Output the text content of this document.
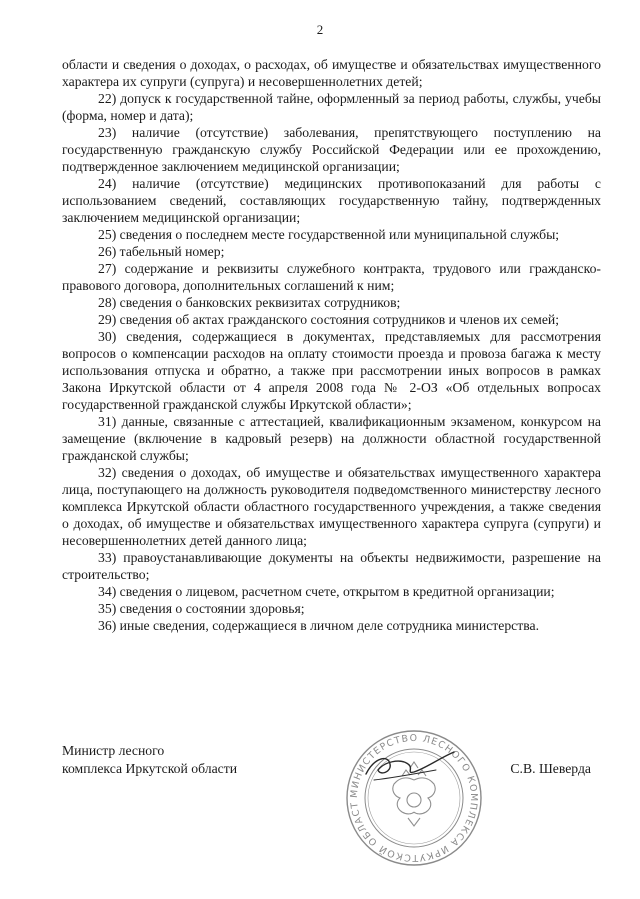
2

области и сведения о доходах, о расходах, об имуществе и обязательствах имущественного характера их супруги (супруга) и несовершеннолетних детей;

22) допуск к государственной тайне, оформленный за период работы, службы, учебы (форма, номер и дата);

23) наличие (отсутствие) заболевания, препятствующего поступлению на государственную гражданскую службу Российской Федерации или ее прохождению, подтвержденное заключением медицинской организации;

24) наличие (отсутствие) медицинских противопоказаний для работы с использованием сведений, составляющих государственную тайну, подтвержденных заключением медицинской организации;

25) сведения о последнем месте государственной или муниципальной службы;

26) табельный номер;

27) содержание и реквизиты служебного контракта, трудового или гражданско-правового договора, дополнительных соглашений к ним;

28) сведения о банковских реквизитах сотрудников;

29) сведения об актах гражданского состояния сотрудников и членов их семей;

30) сведения, содержащиеся в документах, представляемых для рассмотрения вопросов о компенсации расходов на оплату стоимости проезда и провоза багажа к месту использования отпуска и обратно, а также при рассмотрении иных вопросов в рамках Закона Иркутской области от 4 апреля 2008 года № 2-ОЗ «Об отдельных вопросах государственной гражданской службы Иркутской области»;

31) данные, связанные с аттестацией, квалификационным экзаменом, конкурсом на замещение (включение в кадровый резерв) на должности областной государственной гражданской службы;

32) сведения о доходах, об имуществе и обязательствах имущественного характера лица, поступающего на должность руководителя подведомственного министерству лесного комплекса Иркутской области областного государственного учреждения, а также сведения о доходах, об имуществе и обязательствах имущественного характера супруга (супруги) и несовершеннолетних детей данного лица;

33) правоустанавливающие документы на объекты недвижимости, разрешение на строительство;

34) сведения о лицевом, расчетном счете, открытом в кредитной организации;

35) сведения о состоянии здоровья;

36) иные сведения, содержащиеся в личном деле сотрудника министерства.

Министр лесного
комплекса Иркутской области
МИНИСТЕРСТВО ЛЕСНОГО КОМПЛЕКСА ИРКУТСКОЙ ОБЛАСТ
С.В. Шеверда
